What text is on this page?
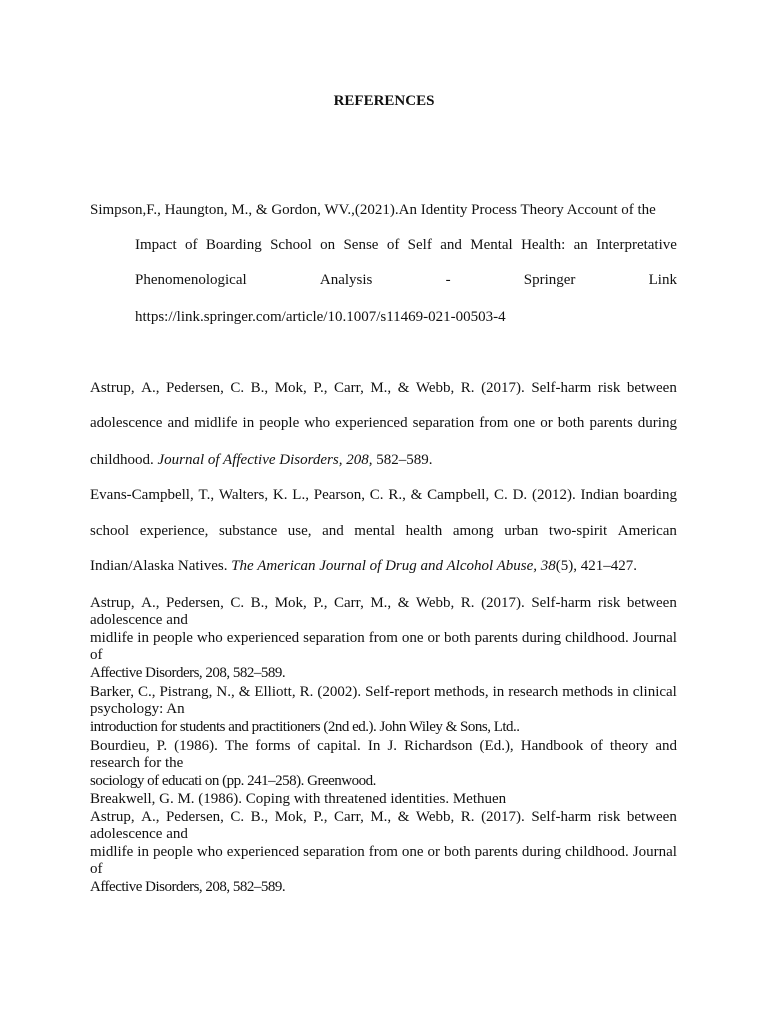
REFERENCES
Simpson,F., Haungton, M., & Gordon, WV.,(2021).An Identity Process Theory Account of the
Impact of Boarding School on Sense of Self and Mental Health: an Interpretative
Phenomenological	Analysis	-	Springer	Link
https://link.springer.com/article/10.1007/s11469-021-00503-4
Astrup, A., Pedersen, C. B., Mok, P., Carr, M., & Webb, R. (2017). Self-harm risk between
adolescence and midlife in people who experienced separation from one or both parents during
childhood. Journal of Affective Disorders, 208, 582–589.
Evans-Campbell, T., Walters, K. L., Pearson, C. R., & Campbell, C. D. (2012). Indian boarding
school experience, substance use, and mental health among urban two-spirit American
Indian/Alaska Natives. The American Journal of Drug and Alcohol Abuse, 38(5), 421–427.
Astrup, A., Pedersen, C. B., Mok, P., Carr, M., & Webb, R. (2017). Self-harm risk between
adolescence and
midlife in people who experienced separation from one or both parents during childhood. Journal
of
Affective Disorders, 208, 582–589.
Barker, C., Pistrang, N., & Elliott, R. (2002). Self-report methods, in research methods in clinical
psychology: An
introduction for students and practitioners (2nd ed.). John Wiley & Sons, Ltd..
Bourdieu, P. (1986). The forms of capital. In J. Richardson (Ed.), Handbook of theory and
research for the
sociology of educati on (pp. 241–258). Greenwood.
Breakwell, G. M. (1986). Coping with threatened identities. Methuen
Astrup, A., Pedersen, C. B., Mok, P., Carr, M., & Webb, R. (2017). Self-harm risk between
adolescence and
midlife in people who experienced separation from one or both parents during childhood. Journal
of
Affective Disorders, 208, 582–589.
